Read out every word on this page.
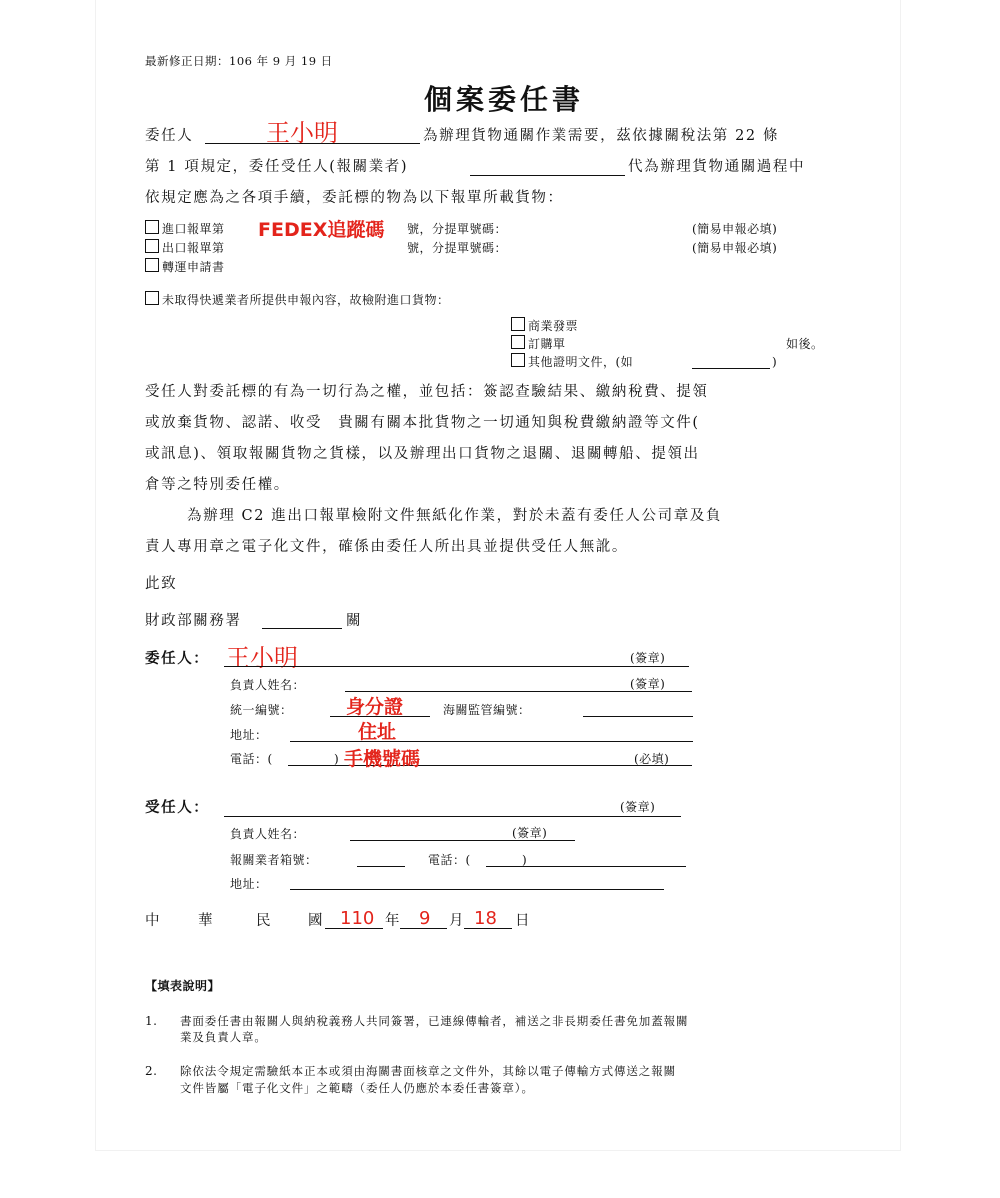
最新修正日期：106 年 9 月 19 日
個案委任書
委任人	王小明	為辦理貨物通關作業需要，茲依據關稅法第 22 條
第 1 項規定，委任受任人(報關業者)	代為辦理貨物通關過程中
依規定應為之各項手續，委託標的物為以下報單所載貨物：
進口報單第 FEDEX追蹤碼 號，分提單號碼：	(簡易申報必填)
出口報單第	號，分提單號碼：	(簡易申報必填)
轉運申請書
未取得快遞業者所提供申報內容，故檢附進口貨物：
商業發票
訂購單	如後。
其他證明文件，(如	)
受任人對委託標的有為一切行為之權，並包括：簽認查驗結果、繳納稅費、提領
或放棄貨物、認諾、收受　貴關有關本批貨物之一切通知與稅費繳納證等文件(
或訊息)、領取報關貨物之貨樣，以及辦理出口貨物之退關、退關轉船、提領出
倉等之特別委任權。
為辦理 C2 進出口報單檢附文件無紙化作業，對於未蓋有委任人公司章及負
責人專用章之電子化文件，確係由委任人所出具並提供受任人無訛。
此致
財政部關務署	關
委任人： 王小明	(簽章)
負責人姓名：	(簽章)
統一編號：	身分證	海關監管編號：
地址：	住址
電話：(	) 手機號碼	(必填)
受任人：	(簽章)
負責人姓名：	(簽章)
報關業者箱號：	電話：(	)
地址：
中	華	民 國 110 年 9 月 18 日
【填表說明】
1. 書面委任書由報關人與納稅義務人共同簽署，已連線傳輸者，補送之非長期委任書免加蓋報關
業及負責人章。
2. 除依法令規定需驗紙本正本或須由海關書面核章之文件外，其餘以電子傳輸方式傳送之報關
文件皆屬「電子化文件」之範疇（委任人仍應於本委任書簽章）。
